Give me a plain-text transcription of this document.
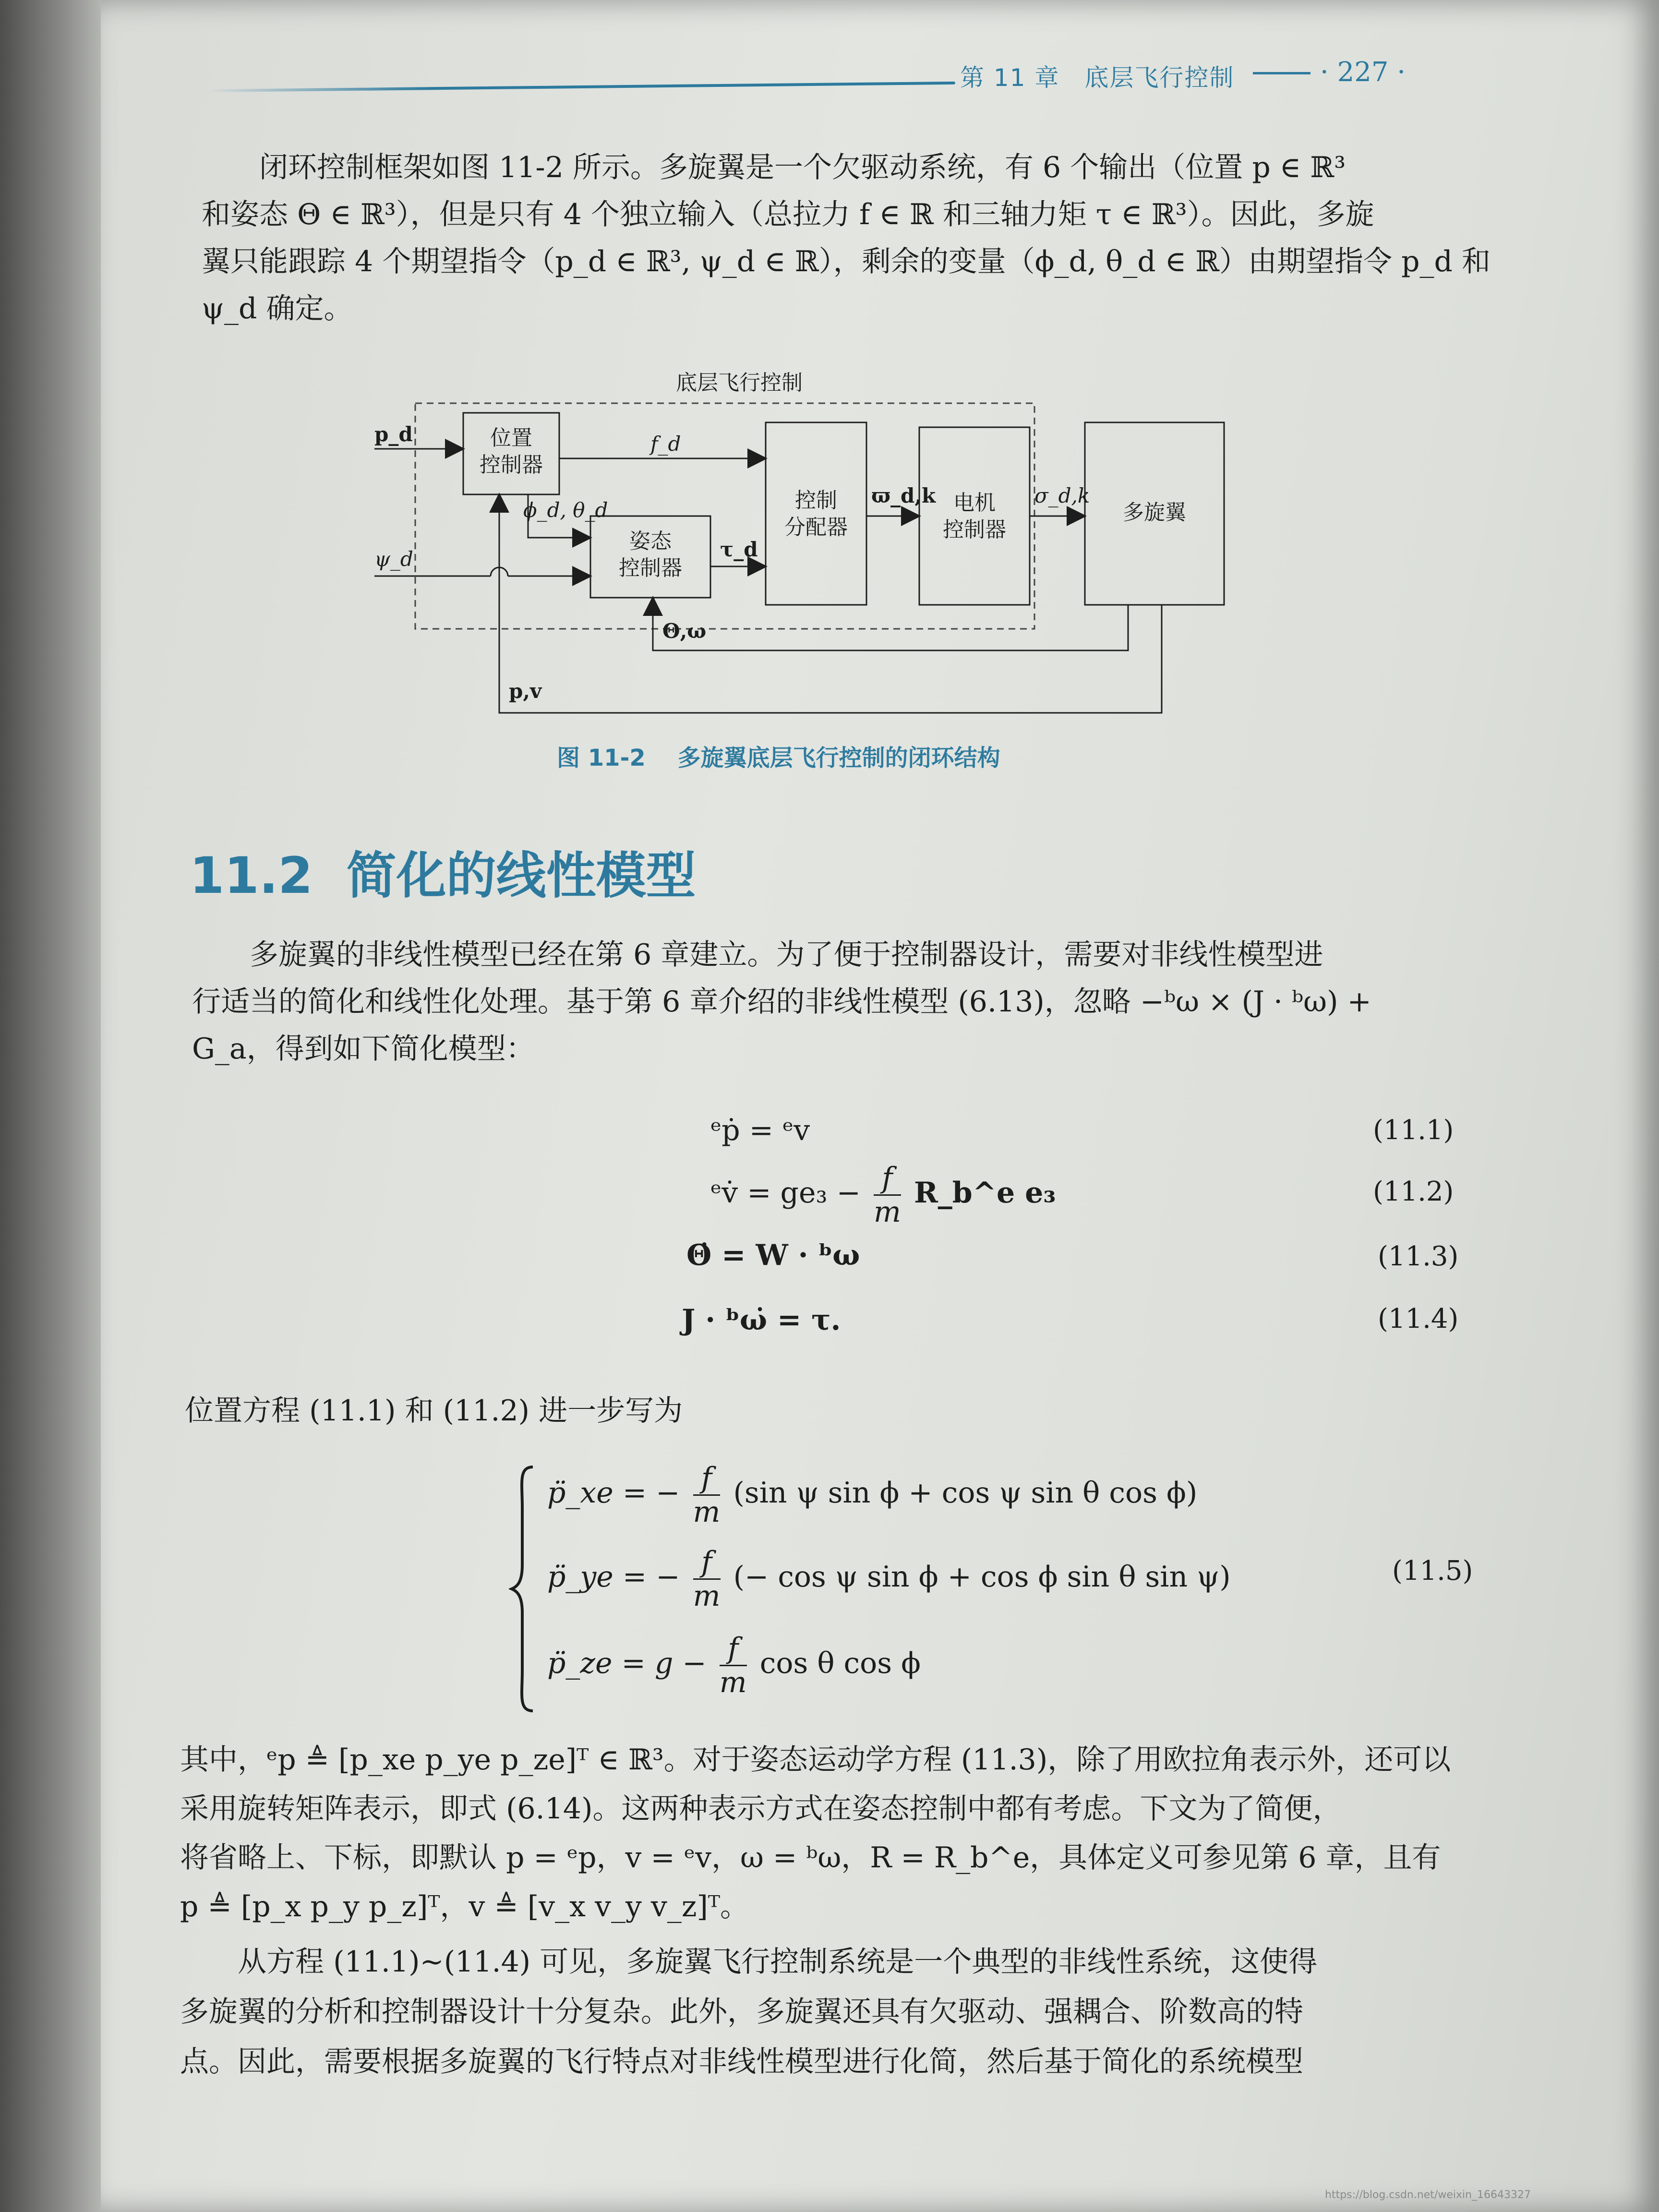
第 11 章　底层飞行控制	· 227 ·
闭环控制框架如图 11-2 所示。多旋翼是一个欠驱动系统，有 6 个输出（位置 p ∈ ℝ³
和姿态 Θ ∈ ℝ³），但是只有 4 个独立输入（总拉力 f ∈ ℝ 和三轴力矩 τ ∈ ℝ³）。因此，多旋
翼只能跟踪 4 个期望指令（p_d ∈ ℝ³, ψ_d ∈ ℝ），剩余的变量（ϕ_d, θ_d ∈ ℝ）由期望指令 p_d 和
ψ_d 确定。
底层飞行控制
位置
控制器
姿态
控制器
控制
分配器
电机
控制器
多旋翼
p_d
ψ_d
f_d
ϕ_d, θ_d
τ_d
ϖ_d,k	σ_d,k
Θ,ω
p,v
图 11-2 多旋翼底层飞行控制的闭环结构
11.2 简化的线性模型
多旋翼的非线性模型已经在第 6 章建立。为了便于控制器设计，需要对非线性模型进
行适当的简化和线性化处理。基于第 6 章介绍的非线性模型 (6.13)，忽略 −ᵇω × (J · ᵇω) +
G_a，得到如下简化模型：
ᵉṗ = ᵉv	(11.1)
ᵉv̇ = $ge_3 - \frac{f}{m}$ R_b^e e₃	(11.2)
Θ̇ = W · ᵇω	(11.3)
J · ᵇω̇ = τ.	(11.4)
位置方程 (11.1) 和 (11.2) 进一步写为
p̈_xe = − $\frac{f}{m} (\sin$ ψ sin ϕ + cos ψ sin θ cos ϕ)
p̈_ye = − $\frac{f}{m}$ (− cos ψ sin ϕ + cos ϕ sin θ sin ψ)
p̈_ze = $g - \frac{f}{m}$ cos θ cos ϕ
(11.5)
其中，ᵉp ≜ [p_xe p_ye p_ze]ᵀ ∈ ℝ³。对于姿态运动学方程 (11.3)，除了用欧拉角表示外，还可以
采用旋转矩阵表示，即式 (6.14)。这两种表示方式在姿态控制中都有考虑。下文为了简便，
将省略上、下标，即默认 p = ᵉp，v = ᵉv，ω = ᵇω，R = R_b^e，具体定义可参见第 6 章，且有
p ≜ [p_x p_y p_z]ᵀ，v ≜ [v_x v_y v_z]ᵀ。
从方程 (11.1)~(11.4) 可见，多旋翼飞行控制系统是一个典型的非线性系统，这使得
多旋翼的分析和控制器设计十分复杂。此外，多旋翼还具有欠驱动、强耦合、阶数高的特
点。因此，需要根据多旋翼的飞行特点对非线性模型进行化简，然后基于简化的系统模型
https://blog.csdn.net/weixin_16643327
